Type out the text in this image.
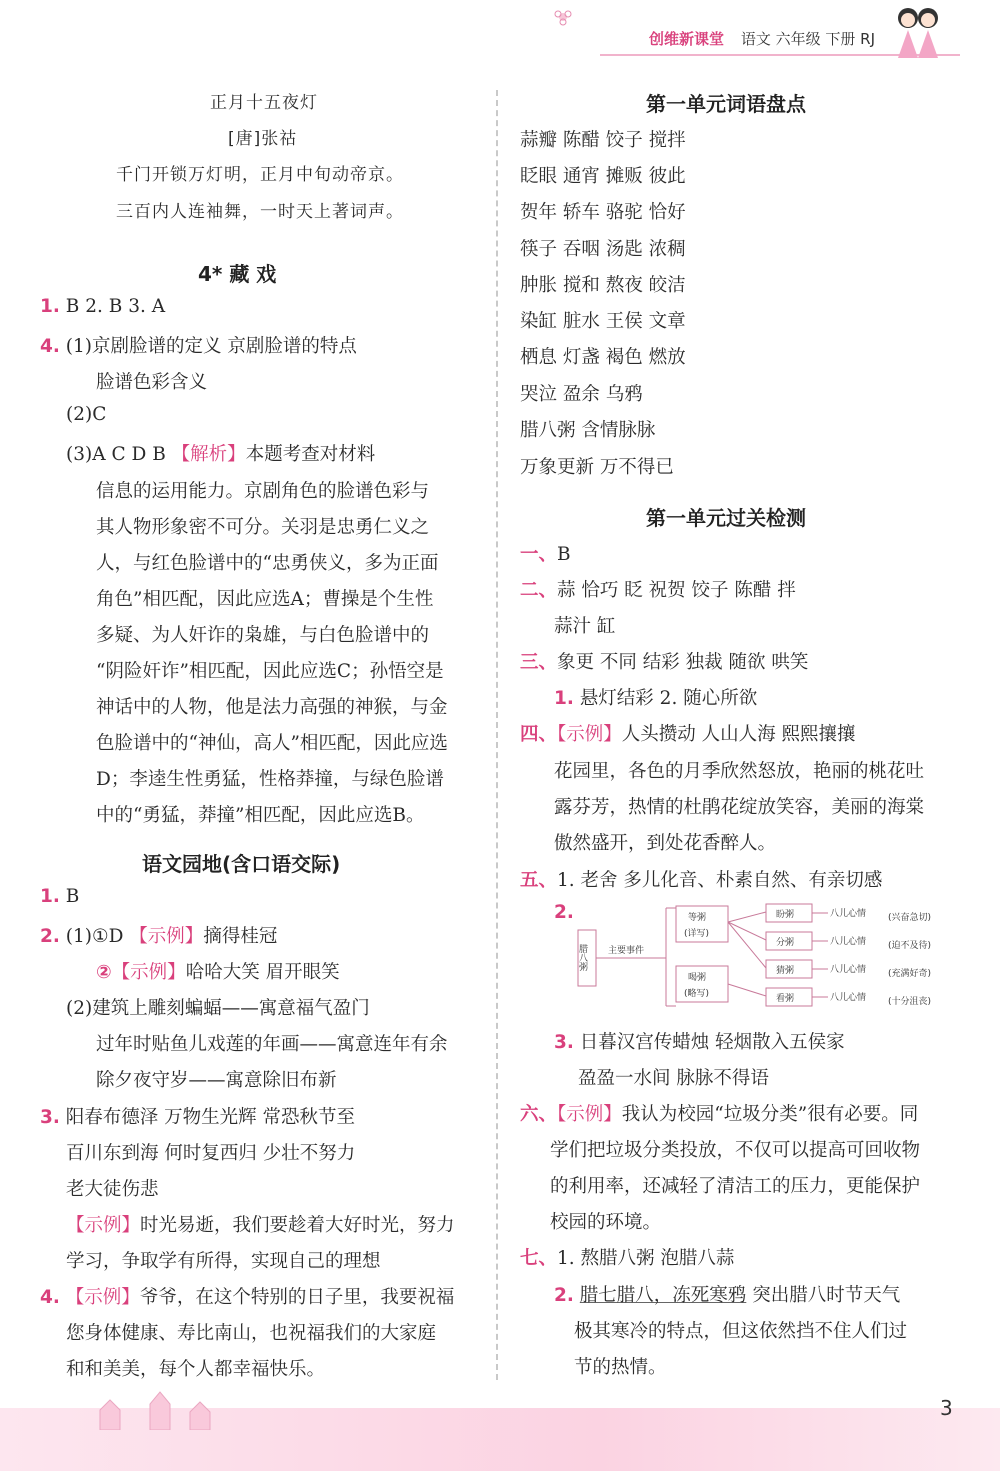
创维新课堂 语文 六年级 下册 RJ
正月十五夜灯
[唐]张祜
千门开锁万灯明，正月中旬动帝京。
三百内人连袖舞，一时天上著词声。
4* 藏 戏
1. B 2. B 3. A
4. (1)京剧脸谱的定义 京剧脸谱的特点
脸谱色彩含义
(2)C
(3)A C D B 【解析】本题考查对材料
信息的运用能力。京剧角色的脸谱色彩与
其人物形象密不可分。关羽是忠勇仁义之
人，与红色脸谱中的“忠勇侠义，多为正面
角色”相匹配，因此应选A；曹操是个生性
多疑、为人奸诈的枭雄，与白色脸谱中的
“阴险奸诈”相匹配，因此应选C；孙悟空是
神话中的人物，他是法力高强的神猴，与金
色脸谱中的“神仙，高人”相匹配，因此应选
D；李逵生性勇猛，性格莽撞，与绿色脸谱
中的“勇猛，莽撞”相匹配，因此应选B。
语文园地(含口语交际)
1. B
2. (1)①D 【示例】摘得桂冠
②【示例】哈哈大笑 眉开眼笑
(2)建筑上雕刻蝙蝠——寓意福气盈门
过年时贴鱼儿戏莲的年画——寓意连年有余
除夕夜守岁——寓意除旧布新
3. 阳春布德泽 万物生光辉 常恐秋节至
百川东到海 何时复西归 少壮不努力
老大徒伤悲
【示例】时光易逝，我们要趁着大好时光，努力
学习，争取学有所得，实现自己的理想
4. 【示例】爷爷，在这个特别的日子里，我要祝福
您身体健康、寿比南山，也祝福我们的大家庭
和和美美，每个人都幸福快乐。
第一单元词语盘点
蒜瓣 陈醋 饺子 搅拌
眨眼 通宵 摊贩 彼此
贺年 轿车 骆驼 恰好
筷子 吞咽 汤匙 浓稠
肿胀 搅和 熬夜 皎洁
染缸 脏水 王侯 文章
栖息 灯盏 褐色 燃放
哭泣 盈余 乌鸦
腊八粥 含情脉脉
万象更新 万不得已
第一单元过关检测
一、B
二、蒜 恰巧 眨 祝贺 饺子 陈醋 拌
蒜汁 缸
三、象更 不同 结彩 独裁 随欲 哄笑
1. 悬灯结彩 2. 随心所欲
四、【示例】人头攒动 人山人海 熙熙攘攘
花园里，各色的月季欣然怒放，艳丽的桃花吐
露芬芳，热情的杜鹃花绽放笑容，美丽的海棠
傲然盛开，到处花香醉人。
五、1. 老舍 多儿化音、朴素自然、有亲切感
2.
3. 日暮汉宫传蜡烛 轻烟散入五侯家
盈盈一水间 脉脉不得语
六、【示例】我认为校园“垃圾分类”很有必要。同
学们把垃圾分类投放，不仅可以提高可回收物
的利用率，还减轻了清洁工的压力，更能保护
校园的环境。
七、1. 熬腊八粥 泡腊八蒜
2. 腊七腊八，冻死寒鸦 突出腊八时节天气
极其寒冷的特点，但这依然挡不住人们过
节的热情。
腊八粥 主要事件
等粥
(详写)
喝粥
(略写)
盼粥
分粥
猜粥
看粥
八儿心情
八儿心情
八儿心情
八儿心情
(兴奋急切)
(迫不及待)
(充满好奇)
(十分沮丧)
3
